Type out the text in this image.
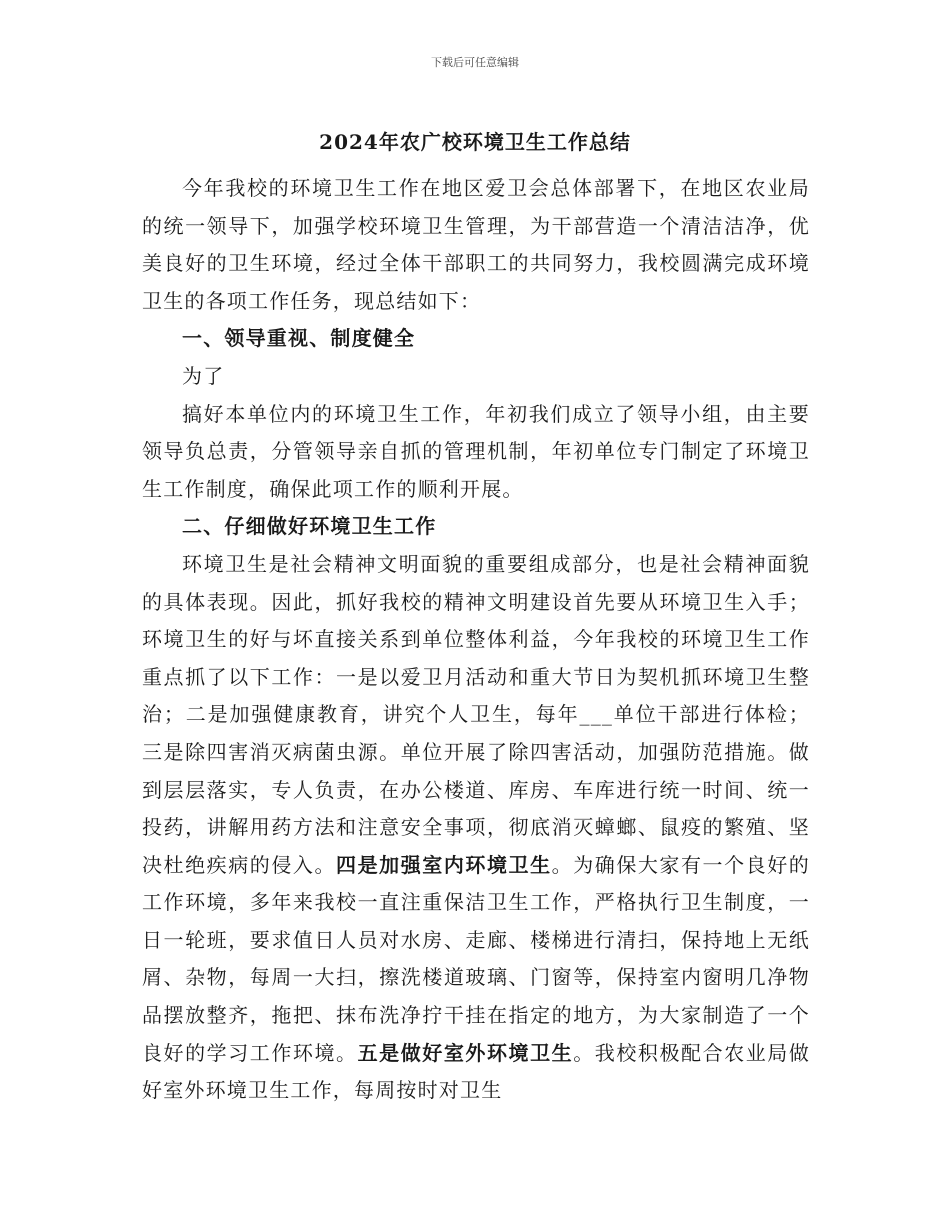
下载后可任意编辑
2024年农广校环境卫生工作总结

今年我校的环境卫生工作在地区爱卫会总体部署下，在地区农业局的统一领导下，加强学校环境卫生管理，为干部营造一个清洁洁净，优美良好的卫生环境，经过全体干部职工的共同努力，我校圆满完成环境卫生的各项工作任务，现总结如下：

一、领导重视、制度健全

为了

搞好本单位内的环境卫生工作，年初我们成立了领导小组，由主要领导负总责，分管领导亲自抓的管理机制，年初单位专门制定了环境卫生工作制度，确保此项工作的顺利开展。

二、仔细做好环境卫生工作

环境卫生是社会精神文明面貌的重要组成部分，也是社会精神面貌的具体表现。因此，抓好我校的精神文明建设首先要从环境卫生入手；环境卫生的好与坏直接关系到单位整体利益，今年我校的环境卫生工作重点抓了以下工作：一是以爱卫月活动和重大节日为契机抓环境卫生整治；二是加强健康教育，讲究个人卫生，每年___单位干部进行体检；三是除四害消灭病菌虫源。单位开展了除四害活动，加强防范措施。做到层层落实，专人负责，在办公楼道、库房、车库进行统一时间、统一投药，讲解用药方法和注意安全事项，彻底消灭蟑螂、鼠疫的繁殖、坚决杜绝疾病的侵入。四是加强室内环境卫生。为确保大家有一个良好的工作环境，多年来我校一直注重保洁卫生工作，严格执行卫生制度，一日一轮班，要求值日人员对水房、走廊、楼梯进行清扫，保持地上无纸屑、杂物，每周一大扫，擦洗楼道玻璃、门窗等，保持室内窗明几净物品摆放整齐，拖把、抹布洗净拧干挂在指定的地方，为大家制造了一个良好的学习工作环境。五是做好室外环境卫生。我校积极配合农业局做好室外环境卫生工作，每周按时对卫生
